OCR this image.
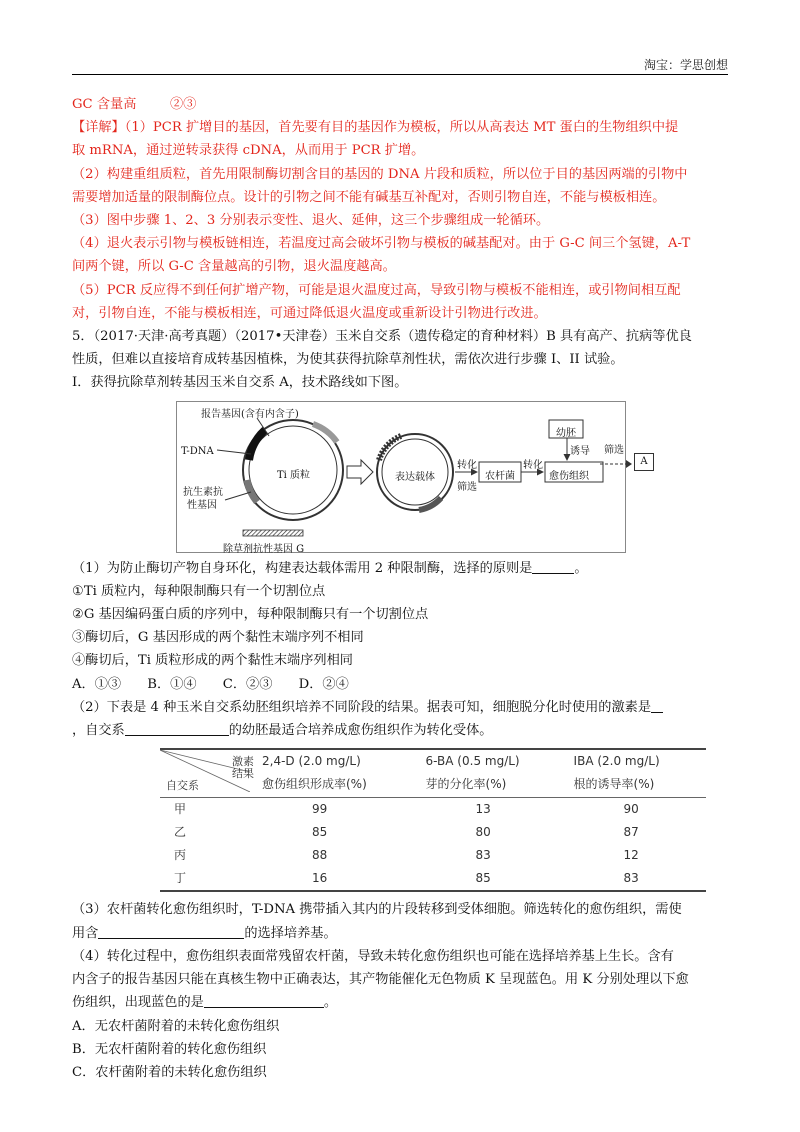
淘宝：学思创想

GC 含量高	②③

【详解】（1）PCR 扩增目的基因，首先要有目的基因作为模板，所以从高表达 MT 蛋白的生物组织中提

取 mRNA，通过逆转录获得 cDNA，从而用于 PCR 扩增。

（2）构建重组质粒，首先用限制酶切割含目的基因的 DNA 片段和质粒，所以位于目的基因两端的引物中

需要增加适量的限制酶位点。设计的引物之间不能有碱基互补配对，否则引物自连，不能与模板相连。

（3）图中步骤 1、2、3 分别表示变性、退火、延伸，这三个步骤组成一轮循环。

（4）退火表示引物与模板链相连，若温度过高会破坏引物与模板的碱基配对。由于 G-C 间三个氢键，A-T

间两个键，所以 G-C 含量越高的引物，退火温度越高。

（5）PCR 反应得不到任何扩增产物，可能是退火温度过高，导致引物与模板不能相连，或引物间相互配

对，引物自连，不能与模板相连，可通过降低退火温度或重新设计引物进行改进。

5．（2017·天津·高考真题）（2017•天津卷）玉米自交系（遗传稳定的育种材料）B 具有高产、抗病等优良

性质，但难以直接培育成转基因植株，为使其获得抗除草剂性状，需依次进行步骤 I、II 试验。

Ⅰ．获得抗除草剂转基因玉米自交系 A，技术路线如下图。

报告基因(含有内含子)
T-DNA
Ti 质粒
抗生素抗
性基因
除草剂抗性基因 G
表达载体
转化
筛选
农杆菌
转化
幼胚
诱导
愈伤组织
筛选
A

（1）为防止酶切产物自身环化，构建表达载体需用 2 种限制酶，选择的原则是	。

①Ti 质粒内，每种限制酶只有一个切割位点

②G 基因编码蛋白质的序列中，每种限制酶只有一个切割位点

③酶切后，G 基因形成的两个黏性末端序列不相同

④酶切后，Ti 质粒形成的两个黏性末端序列相同

A．①③ B．①④ C．②③ D．②④

（2）下表是 4 种玉米自交系幼胚组织培养不同阶段的结果。据表可知，细胞脱分化时使用的激素是

，自交系	的幼胚最适合培养成愈伤组织作为转化受体。

激素
结果
自交系	2,4-D (2.0 mg/L)	6-BA (0.5 mg/L)	IBA (2.0 mg/L)
	愈伤组织形成率(%)	芽的分化率(%)	根的诱导率(%)
甲	99	13	90
乙	85	80	87
丙	88	83	12
丁	16	85	83

（3）农杆菌转化愈伤组织时，T-DNA 携带插入其内的片段转移到受体细胞。筛选转化的愈伤组织，需使

用含	的选择培养基。

（4）转化过程中，愈伤组织表面常残留农杆菌，导致未转化愈伤组织也可能在选择培养基上生长。含有

内含子的报告基因只能在真核生物中正确表达，其产物能催化无色物质 K 呈现蓝色。用 K 分别处理以下愈

伤组织，出现蓝色的是	。

A．无农杆菌附着的未转化愈伤组织

B．无农杆菌附着的转化愈伤组织

C．农杆菌附着的未转化愈伤组织
